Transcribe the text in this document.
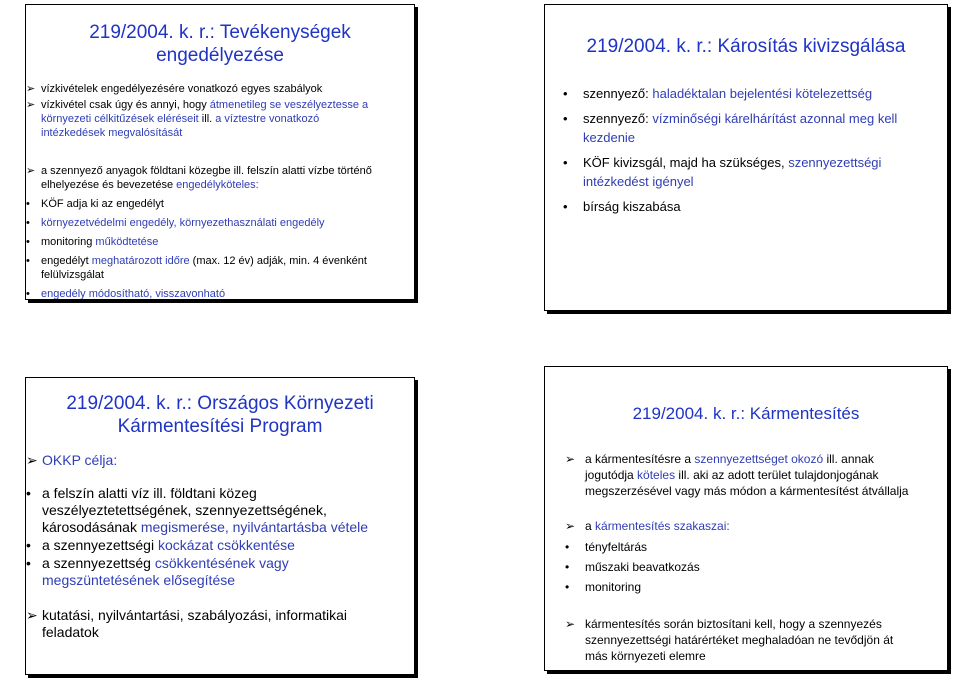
219/2004. k. r.: Tevékenységek
engedélyezése
➢ vízkivételek engedélyezésére vonatkozó egyes szabályok
➢ vízkivétel csak úgy és annyi, hogy átmenetileg se veszélyeztesse a
környezeti célkitűzések eléréseit ill. a víztestre vonatkozó
intézkedések megvalósítását
➢ a szennyező anyagok földtani közegbe ill. felszín alatti vízbe történő
elhelyezése és bevezetése engedélyköteles:
• KÖF adja ki az engedélyt
• környezetvédelmi engedély, környezethasználati engedély
• monitoring működtetése
• engedélyt meghatározott időre (max. 12 év) adják, min. 4 évenként
felülvizsgálat
• engedély módosítható, visszavonható
219/2004. k. r.: Károsítás kivizsgálása
• szennyező: haladéktalan bejelentési kötelezettség
• szennyező: vízminőségi kárelhárítást azonnal meg kell
kezdenie
• KÖF kivizsgál, majd ha szükséges, szennyezettségi
intézkedést igényel
• bírság kiszabása
219/2004. k. r.: Országos Környezeti
Kármentesítési Program
➢ OKKP célja:
• a felszín alatti víz ill. földtani közeg
veszélyeztetettségének, szennyezettségének,
károsodásának megismerése, nyilvántartásba vétele
• a szennyezettségi kockázat csökkentése
• a szennyezettség csökkentésének vagy
megszüntetésének elősegítése
➢ kutatási, nyilvántartási, szabályozási, informatikai
feladatok
219/2004. k. r.: Kármentesítés
➢ a kármentesítésre a szennyezettséget okozó ill. annak
jogutódja köteles ill. aki az adott terület tulajdonjogának
megszerzésével vagy más módon a kármentesítést átvállalja
➢ a kármentesítés szakaszai:
• tényfeltárás
• műszaki beavatkozás
• monitoring
➢ kármentesítés során biztosítani kell, hogy a szennyezés
szennyezettségi határértéket meghaladóan ne tevődjön át
más környezeti elemre
